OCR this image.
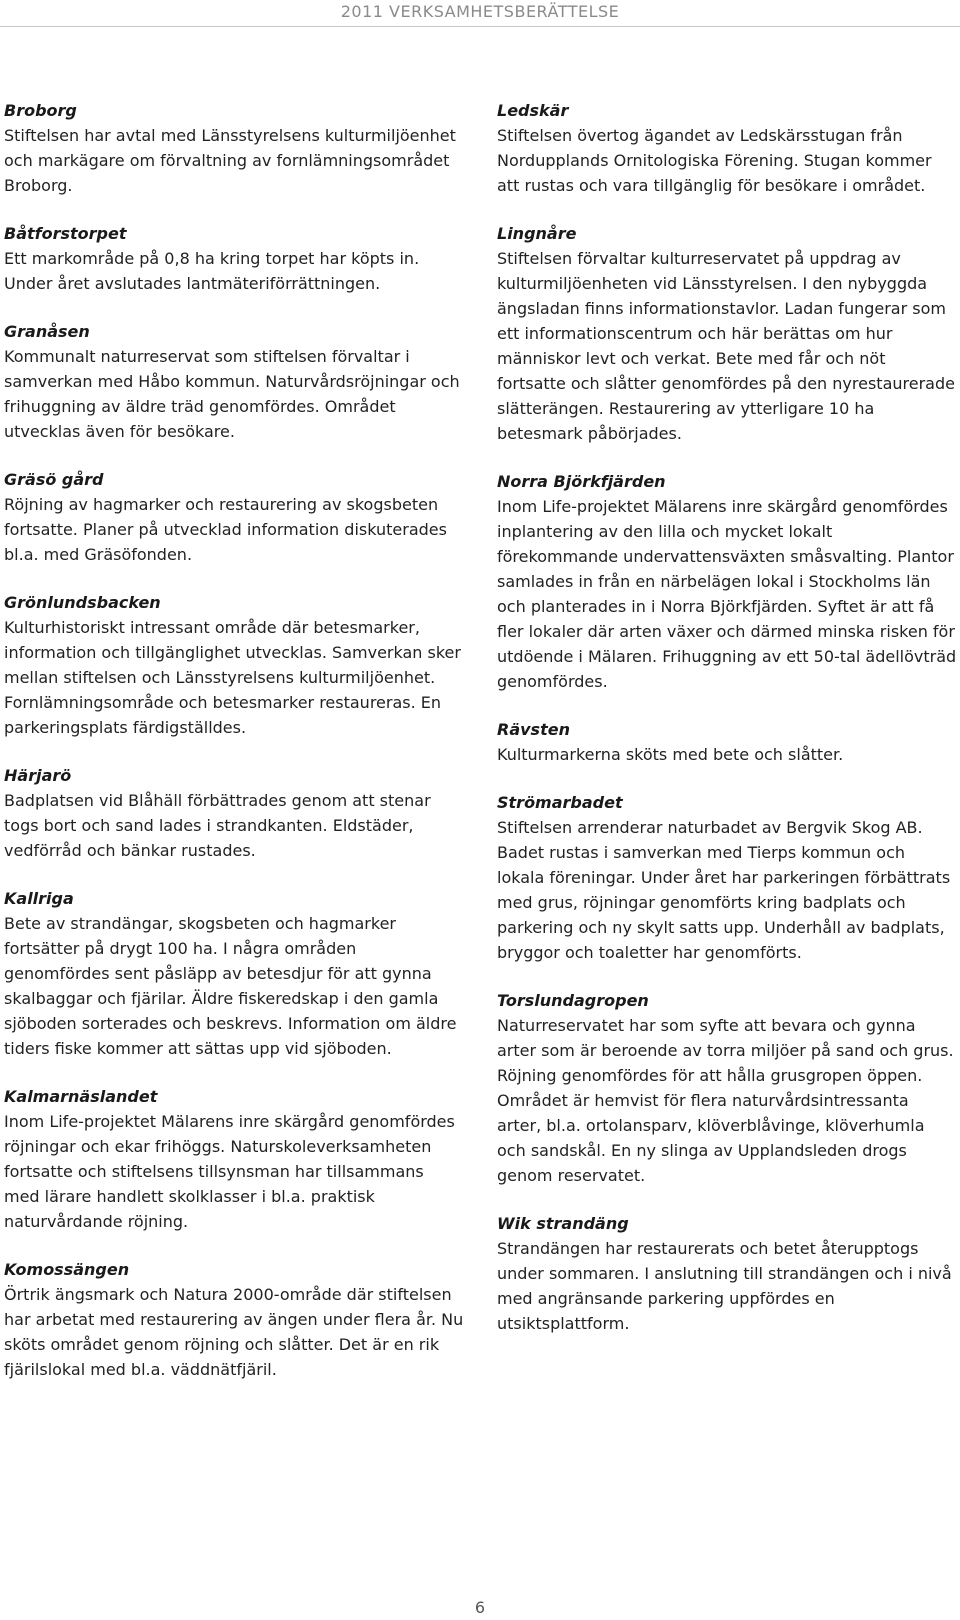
2011 VERKSAMHETSBERÄTTELSE
Broborg

Stiftelsen har avtal med Länsstyrelsens kulturmiljöenhet och markägare om förvaltning av fornlämningsområdet Broborg.

Båtforstorpet

Ett markområde på 0,8 ha kring torpet har köpts in. Under året avslutades lantmäteriförrättningen.

Granåsen

Kommunalt naturreservat som stiftelsen förvaltar i samverkan med Håbo kommun. Naturvårdsröjningar och frihuggning av äldre träd genomfördes. Området utvecklas även för besökare.

Gräsö gård

Röjning av hagmarker och restaurering av skogsbeten fortsatte. Planer på utvecklad information diskuterades bl.a. med Gräsöfonden.

Grönlundsbacken

Kulturhistoriskt intressant område där betesmarker, information och tillgänglighet utvecklas. Samverkan sker mellan stiftelsen och Länsstyrelsens kulturmiljöenhet. Fornlämningsområde och betesmarker restaureras. En parkeringsplats färdigställdes.

Härjarö

Badplatsen vid Blåhäll förbättrades genom att stenar togs bort och sand lades i strandkanten. Eldstäder, vedförråd och bänkar rustades.

Kallriga

Bete av strandängar, skogsbeten och hagmarker fortsätter på drygt 100 ha. I några områden genomfördes sent påsläpp av betesdjur för att gynna skalbaggar och fjärilar. Äldre fiskeredskap i den gamla sjöboden sorterades och beskrevs. Information om äldre tiders fiske kommer att sättas upp vid sjöboden.

Kalmarnäslandet

Inom Life-projektet Mälarens inre skärgård genomfördes röjningar och ekar frihöggs. Naturskoleverksamheten fortsatte och stiftelsens tillsynsman har tillsammans med lärare handlett skolklasser i bl.a. praktisk naturvårdande röjning.

Komossängen

Örtrik ängsmark och Natura 2000-område där stiftelsen har arbetat med restaurering av ängen under flera år. Nu sköts området genom röjning och slåtter. Det är en rik fjärilslokal med bl.a. väddnätfjäril.

Ledskär

Stiftelsen övertog ägandet av Ledskärsstugan från Nordupplands Ornitologiska Förening. Stugan kommer att rustas och vara tillgänglig för besökare i området.

Lingnåre

Stiftelsen förvaltar kulturreservatet på uppdrag av kulturmiljöenheten vid Länsstyrelsen. I den nybyggda ängsladan finns informationstavlor. Ladan fungerar som ett informationscentrum och här berättas om hur människor levt och verkat. Bete med får och nöt fortsatte och slåtter genomfördes på den nyrestaurerade slätterängen. Restaurering av ytterligare 10 ha betesmark påbörjades.

Norra Björkfjärden

Inom Life-projektet Mälarens inre skärgård genomfördes inplantering av den lilla och mycket lokalt förekommande undervattensväxten småsvalting. Plantor samlades in från en närbelägen lokal i Stockholms län och planterades in i Norra Björkfjärden. Syftet är att få fler lokaler där arten växer och därmed minska risken för utdöende i Mälaren. Frihuggning av ett 50-tal ädellövträd genomfördes.

Rävsten

Kulturmarkerna sköts med bete och slåtter.

Strömarbadet

Stiftelsen arrenderar naturbadet av Bergvik Skog AB. Badet rustas i samverkan med Tierps kommun och lokala föreningar. Under året har parkeringen förbättrats med grus, röjningar genomförts kring badplats och parkering och ny skylt satts upp. Underhåll av badplats, bryggor och toaletter har genomförts.

Torslundagropen

Naturreservatet har som syfte att bevara och gynna arter som är beroende av torra miljöer på sand och grus. Röjning genomfördes för att hålla grusgropen öppen. Området är hemvist för flera naturvårdsintressanta arter, bl.a. ortolansparv, klöverblåvinge, klöverhumla och sandskål. En ny slinga av Upplandsleden drogs genom reservatet.

Wik strandäng

Strandängen har restaurerats och betet återupptogs under sommaren. I anslutning till strandängen och i nivå med angränsande parkering uppfördes en utsiktsplattform.

6
